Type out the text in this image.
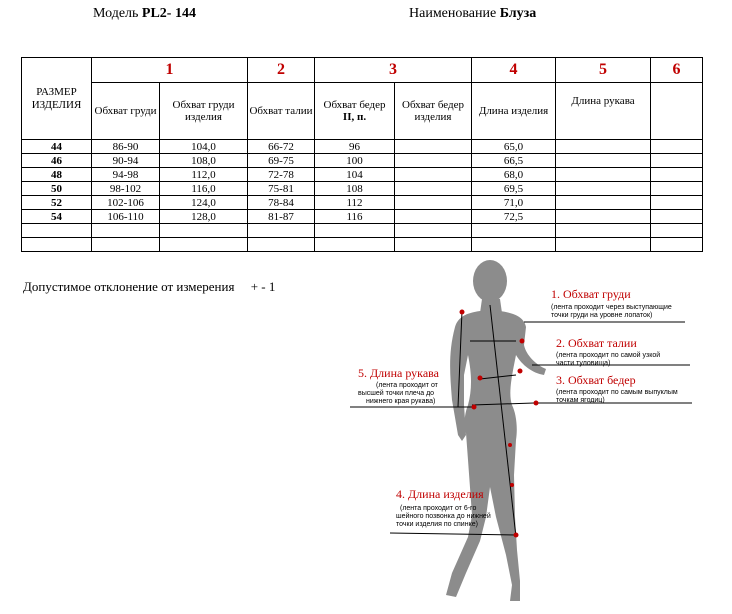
Модель PL2- 144	Наименование Блуза
РАЗМЕР ИЗДЕЛИЯ	1		2	3		4	5	6
	Обхват груди	Обхват груди изделия	Обхват талии	Обхват бедер
II, п.	Обхват бедер изделия	Длина изделия	Длина рукава	
44	86-90	104,0	66-72	96		65,0		
46	90-94	108,0	69-75	100		66,5		
48	94-98	112,0	72-78	104		68,0		
50	98-102	116,0	75-81	108		69,5		
52	102-106	124,0	78-84	112		71,0		
54	106-110	128,0	81-87	116		72,5		

Допустимое отклонение от измерения + - 1	1. Обхват груди
(лента проходит через выступающие
точки груди на уровне лопаток)
2. Обхват талии
(лента проходит по самой узкой
части туловища)
3. Обхват бедер
(лента проходит по самым выпуклым
точкам ягодиц)
5. Длина рукава
(лента проходит от
высшей точки плеча до
нижнего края рукава)
4. Длина изделия
(лента проходит от 6-го
шейного позвонка до нижней
точки изделия по спинке)
